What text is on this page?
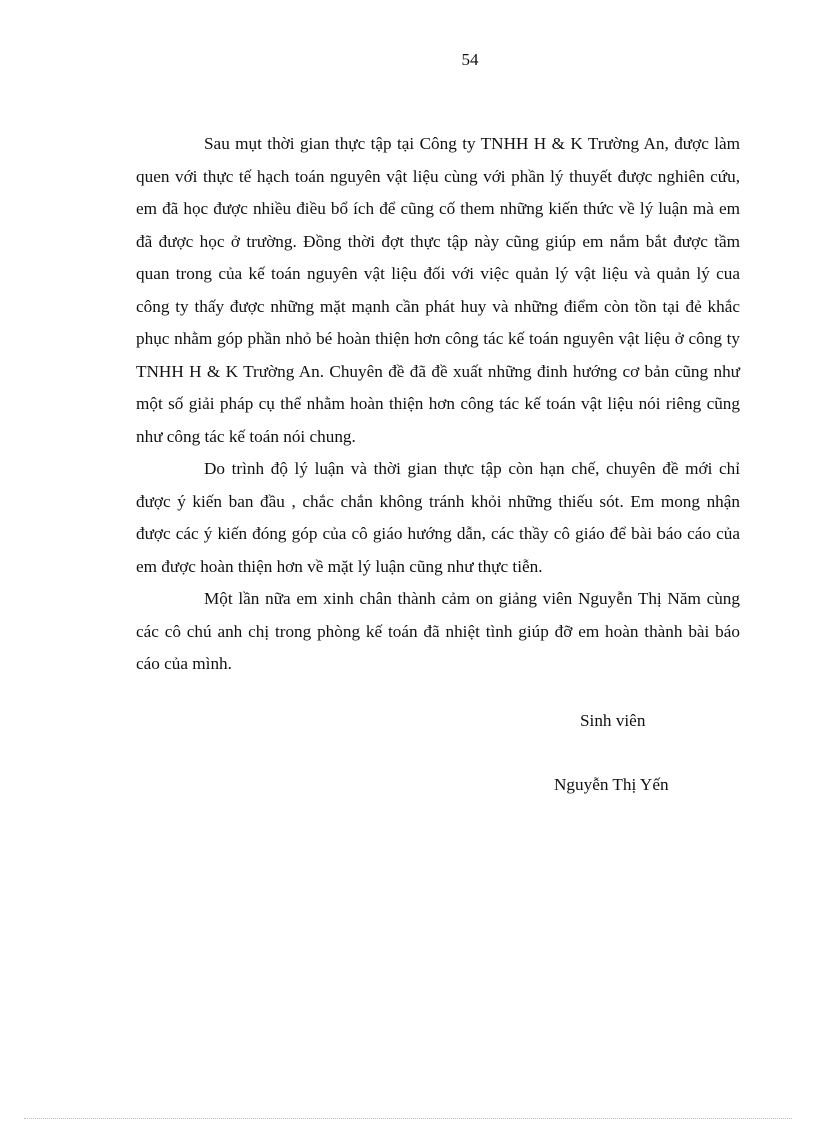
54

Sau mụt thời gian thực tập tại Công ty TNHH H & K Trường An, được làm quen với thực tế hạch toán nguyên vật liệu cùng với phần lý thuyết được nghiên cứu, em đã học được nhiều điều bổ ích để cũng cố them những kiến thức về lý luận mà em đã được học ở trường. Đồng thời đợt thực tập này cũng giúp em nắm bắt được tầm quan trong của kế toán nguyên vật liệu đối với việc quản lý vật liệu và quản lý cua công ty thấy được những mặt mạnh cần phát huy và những điểm còn tồn tại đẻ khắc phục nhằm góp phần nhỏ bé hoàn thiện hơn công tác kế toán nguyên vật liệu ở công ty TNHH H & K Trường An. Chuyên đề đã đề xuất những đinh hướng cơ bản cũng như một số giải pháp cụ thể nhằm hoàn thiện hơn công tác kế toán vật liệu nói riêng cũng như công tác kế toán nói chung.

Do trình độ lý luận và thời gian thực tập còn hạn chế, chuyên đề mới chỉ được ý kiến ban đầu , chắc chắn không tránh khỏi những thiếu sót. Em mong nhận được các ý kiến đóng góp của cô giáo hướng dẫn, các thầy cô giáo để bài báo cáo của em được hoàn thiện hơn về mặt lý luận cũng như thực tiễn.

Một lần nữa em xinh chân thành cảm on giảng viên Nguyễn Thị Năm cùng các cô chú anh chị trong phòng kế toán đã nhiệt tình giúp đỡ em hoàn thành bài báo cáo của mình.

Sinh viên
Nguyễn Thị Yến
